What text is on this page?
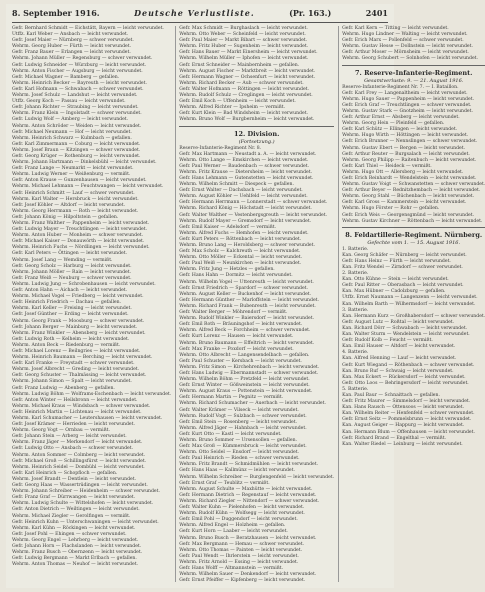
8. September 1916.	Deutsche Verlustliste.	(Pr. 163.)	2401
Gefr. Bernhard Schmidt — Eichstätt, Bayern — leicht verwundet.
Utffz. Karl Weber — Ansbach — leicht verwundet.
Gefr. Josef Maier — Nürnberg — schwer verwundet.
Wehrm. Georg Huber — Fürth — leicht verwundet.
Gefr. Franz Bauer — Erlangen — leicht verwundet.
Wehrm. Johann Müller — Regensburg — schwer verwundet.
Gefr. Ludwig Schneider — Würzburg — leicht verwundet.
Wehrm. Anton Fischer — Augsburg — leicht verwundet.
Gefr. Michael Wagner — Bamberg — gefallen.
Wehrm. Heinrich Becker — Bayreuth — leicht verwundet.
Gefr. Karl Hofmann — Schwabach — schwer verwundet.
Wehrm. Josef Schulz — Landshut — leicht verwundet.
Utffz. Georg Koch — Passau — leicht verwundet.
Gefr. Johann Richter — Straubing — leicht verwundet.
Wehrm. Franz Klein — Ingolstadt — schwer verwundet.
Gefr. Ludwig Wolf — Amberg — leicht verwundet.
Wehrm. Anton Schröder — Weiden — leicht verwundet.
Gefr. Michael Neumann — Hof — leicht verwundet.
Wehrm. Heinrich Schwarz — Kulmbach — gefallen.
Gefr. Karl Zimmermann — Coburg — leicht verwundet.
Wehrm. Josef Braun — Kitzingen — schwer verwundet.
Gefr. Georg Krüger — Rothenburg — leicht verwundet.
Wehrm. Johann Hartmann — Dinkelsbühl — leicht verwundet.
Gefr. Franz Lange — Neumarkt — leicht verwundet.
Wehrm. Ludwig Werner — Weißenburg — vermißt.
Gefr. Anton Krause — Gunzenhausen — leicht verwundet.
Wehrm. Michael Lehmann — Feuchtwangen — leicht verwundet.
Gefr. Heinrich Schmitt — Lauf — schwer verwundet.
Wehrm. Karl Walter — Hersbruck — leicht verwundet.
Gefr. Josef Köhler — Altdorf — leicht verwundet.
Wehrm. Georg Herrmann — Roth — leicht verwundet.
Gefr. Johann König — Hilpoltstein — gefallen.
Wehrm. Franz Walther — Pappenheim — leicht verwundet.
Gefr. Ludwig Mayer — Treuchtlingen — leicht verwundet.
Wehrm. Anton Huber — Monheim — schwer verwundet.
Gefr. Michael Kaiser — Donauwörth — leicht verwundet.
Wehrm. Heinrich Fuchs — Nördlingen — leicht verwundet.
Gefr. Karl Peters — Öttingen — leicht verwundet.
Wehrm. Josef Lang — Wemding — vermißt.
Gefr. Georg Scholz — Harburg — leicht verwundet.
Wehrm. Johann Möller — Rain — leicht verwundet.
Gefr. Franz Weiß — Neuburg — schwer verwundet.
Wehrm. Ludwig Jung — Schrobenhausen — leicht verwundet.
Gefr. Anton Hahn — Aichach — leicht verwundet.
Wehrm. Michael Vogel — Friedberg — leicht verwundet.
Gefr. Heinrich Friedrich — Dachau — gefallen.
Wehrm. Karl Keller — Freising — leicht verwundet.
Gefr. Josef Günther — Erding — leicht verwundet.
Wehrm. Georg Frank — Moosburg — schwer verwundet.
Gefr. Johann Berger — Mainburg — leicht verwundet.
Wehrm. Franz Winkler — Abensberg — leicht verwundet.
Gefr. Ludwig Roth — Kelheim — leicht verwundet.
Wehrm. Anton Beck — Riedenburg — vermißt.
Gefr. Michael Lorenz — Beilngries — leicht verwundet.
Wehrm. Heinrich Baumann — Berching — leicht verwundet.
Gefr. Karl Franke — Freystadt — schwer verwundet.
Wehrm. Josef Albrecht — Greding — leicht verwundet.
Gefr. Georg Schuster — Thalmässing — leicht verwundet.
Wehrm. Johann Simon — Spalt — leicht verwundet.
Gefr. Franz Ludwig — Abenberg — gefallen.
Wehrm. Ludwig Böhm — Wolframs-Eschenbach — leicht verwundet.
Gefr. Anton Winter — Heilsbronn — leicht verwundet.
Wehrm. Michael Kraus — Windsbach — schwer verwundet.
Gefr. Heinrich Martin — Lichtenau — leicht verwundet.
Wehrm. Karl Schumacher — Leutershausen — leicht verwundet.
Gefr. Josef Krämer — Herrieden — leicht verwundet.
Wehrm. Georg Vogt — Ornbau — vermißt.
Gefr. Johann Stein — Arberg — leicht verwundet.
Wehrm. Franz Jäger — Merkendorf — leicht verwundet.
Gefr. Ludwig Otto — Ansbach — schwer verwundet.
Wehrm. Anton Sommer — Colmberg — leicht verwundet.
Gefr. Michael Groß — Schillingsfürst — leicht verwundet.
Wehrm. Heinrich Seidel — Dombühl — leicht verwundet.
Gefr. Karl Heinrich — Schopfloch — gefallen.
Wehrm. Josef Brandt — Dentlein — leicht verwundet.
Gefr. Georg Haas — Wassertrüdingen — leicht verwundet.
Wehrm. Johann Schreiber — Heidenheim — schwer verwundet.
Gefr. Franz Graf — Dürrwangen — leicht verwundet.
Wehrm. Ludwig Schulte — Wittelshofen — leicht verwundet.
Gefr. Anton Dietrich — Weiltingen — leicht verwundet.
Wehrm. Michael Ziegler — Gerolfingen — vermißt.
Gefr. Heinrich Kuhn — Unterschwaningen — leicht verwundet.
Wehrm. Karl Kühn — Röckingen — leicht verwundet.
Gefr. Josef Pohl — Ehingen — schwer verwundet.
Wehrm. Georg Engel — Lehrberg — leicht verwundet.
Gefr. Johann Horn — Flachslanden — leicht verwundet.
Wehrm. Franz Busch — Obernzenn — leicht verwundet.
Gefr. Ludwig Bergmann — Markt Erlbach — gefallen.
Wehrm. Anton Thomas — Neuhof — leicht verwundet.
Gefr. Max Schmidt — Burghaslach — leicht verwundet.
Wehrm. Otto Weber — Scheinfeld — leicht verwundet.
Gefr. Paul Maier — Markt Bibart — schwer verwundet.
Wehrm. Fritz Huber — Sugenheim — leicht verwundet.
Gefr. Hans Bauer — Markt Einersheim — leicht verwundet.
Wehrm. Wilhelm Müller — Iphofen — leicht verwundet.
Gefr. Ernst Schneider — Mainbernheim — gefallen.
Wehrm. August Fischer — Marktbreit — leicht verwundet.
Gefr. Hermann Wagner — Ochsenfurt — leicht verwundet.
Wehrm. Richard Becker — Aub — schwer verwundet.
Gefr. Walter Hofmann — Röttingen — leicht verwundet.
Wehrm. Rudolf Schulz — Creglingen — leicht verwundet.
Gefr. Emil Koch — Uffenheim — leicht verwundet.
Wehrm. Alfred Richter — Ipsheim — vermißt.
Gefr. Kurt Klein — Bad Windsheim — leicht verwundet.
Wehrm. Bruno Wolf — Burgbernheim — leicht verwundet.
12. Division.
(Fortsetzung.)
Reserve-Infanterie-Regiment Nr. 8.
Gefr. Max Hartmann — Neustadt a. A. — leicht verwundet.
Wehrm. Otto Lange — Emskirchen — leicht verwundet.
Gefr. Paul Werner — Baudenbach — schwer verwundet.
Wehrm. Fritz Krause — Dietersheim — leicht verwundet.
Gefr. Hans Lehmann — Gutenstetten — leicht verwundet.
Wehrm. Wilhelm Schmitt — Diespeck — gefallen.
Gefr. Ernst Walter — Dachsbach — leicht verwundet.
Wehrm. August Köhler — Uehlfeld — leicht verwundet.
Gefr. Hermann Herrmann — Lonnerstadt — schwer verwundet.
Wehrm. Richard König — Höchstadt — leicht verwundet.
Gefr. Walter Walther — Vestenbergsgreuth — leicht verwundet.
Wehrm. Rudolf Mayer — Gremsdorf — leicht verwundet.
Gefr. Emil Kaiser — Adelsdorf — vermißt.
Wehrm. Alfred Fuchs — Hemhofen — leicht verwundet.
Gefr. Kurt Peters — Röttenbach — leicht verwundet.
Wehrm. Bruno Lang — Heroldsberg — schwer verwundet.
Gefr. Max Scholz — Kalchreuth — leicht verwundet.
Wehrm. Otto Möller — Eckental — leicht verwundet.
Gefr. Paul Weiß — Neunkirchen — leicht verwundet.
Wehrm. Fritz Jung — Hetzles — gefallen.
Gefr. Hans Hahn — Dormitz — leicht verwundet.
Wehrm. Wilhelm Vogel — Uttenreuth — leicht verwundet.
Gefr. Ernst Friedrich — Spardorf — schwer verwundet.
Wehrm. August Keller — Buckenhof — leicht verwundet.
Gefr. Hermann Günther — Marloffstein — leicht verwundet.
Wehrm. Richard Frank — Bubenreuth — leicht verwundet.
Gefr. Walter Berger — Möhrendorf — vermißt.
Wehrm. Rudolf Winkler — Baiersdorf — leicht verwundet.
Gefr. Emil Roth — Bräuningshof — leicht verwundet.
Wehrm. Alfred Beck — Forchheim — schwer verwundet.
Gefr. Kurt Lorenz — Hausen — leicht verwundet.
Wehrm. Bruno Baumann — Effeltrich — leicht verwundet.
Gefr. Max Franke — Poxdorf — leicht verwundet.
Wehrm. Otto Albrecht — Langensendelbach — gefallen.
Gefr. Paul Schuster — Kersbach — leicht verwundet.
Wehrm. Fritz Simon — Kirchehrenbach — leicht verwundet.
Gefr. Hans Ludwig — Ebermannstadt — schwer verwundet.
Wehrm. Wilhelm Böhm — Pretzfeld — leicht verwundet.
Gefr. Ernst Winter — Gößweinstein — leicht verwundet.
Wehrm. August Kraus — Pottenstein — leicht verwundet.
Gefr. Hermann Martin — Pegnitz — vermißt.
Wehrm. Richard Schumacher — Auerbach — leicht verwundet.
Gefr. Walter Krämer — Vilseck — leicht verwundet.
Wehrm. Rudolf Vogt — Sulzbach — schwer verwundet.
Gefr. Emil Stein — Rosenberg — leicht verwundet.
Wehrm. Alfred Jäger — Hahnbach — leicht verwundet.
Gefr. Kurt Otto — Kastl — leicht verwundet.
Wehrm. Bruno Sommer — Ursensollen — gefallen.
Gefr. Max Groß — Kümmersbruck — leicht verwundet.
Wehrm. Otto Seidel — Ensdorf — leicht verwundet.
Gefr. Paul Heinrich — Rieden — schwer verwundet.
Wehrm. Fritz Brandt — Schmidmühlen — leicht verwundet.
Gefr. Hans Haas — Kallmünz — leicht verwundet.
Wehrm. Wilhelm Schreiber — Burglengenfeld — leicht verwundet.
Gefr. Ernst Graf — Teublitz — vermißt.
Wehrm. August Schulte — Maxhütte — leicht verwundet.
Gefr. Hermann Dietrich — Regenstauf — leicht verwundet.
Wehrm. Richard Ziegler — Nittendorf — schwer verwundet.
Gefr. Walter Kuhn — Pielenhofen — leicht verwundet.
Wehrm. Rudolf Kühn — Wolfsegg — leicht verwundet.
Gefr. Emil Pohl — Duggendorf — leicht verwundet.
Wehrm. Alfred Engel — Holzheim — gefallen.
Gefr. Kurt Horn — Laaber — leicht verwundet.
Wehrm. Bruno Busch — Beratzhausen — leicht verwundet.
Gefr. Max Bergmann — Hemau — schwer verwundet.
Wehrm. Otto Thomas — Painten — leicht verwundet.
Gefr. Paul Wendt — Ihrlerstein — leicht verwundet.
Wehrm. Fritz Arnold — Essing — leicht verwundet.
Gefr. Hans Wolff — Altmannstein — vermißt.
Wehrm. Wilhelm Sauer — Denkendorf — leicht verwundet.
Gefr. Ernst Pfeiffer — Kipfenberg — leicht verwundet.
Gefr. Karl Kern — Titting — leicht verwundet.
Wehrm. Hugo Lindner — Walting — leicht verwundet.
Gefr. Erich Marx — Pollenfeld — schwer verwundet.
Wehrm. Gustav Hesse — Dollnstein — leicht verwundet.
Gefr. Arthur Moser — Mörnsheim — leicht verwundet.
Wehrm. Georg Schubert — Solnhofen — leicht verwundet.
7. Reserve-Infanterie-Regiment.
Gesamtverluste: 9. — 21. August 1916.
Reserve-Infanterie-Regiment Nr. 7. — I. Bataillon.
Gefr. Karl Frey — Langenaltheim — leicht verwundet.
Wehrm. Hugo Sauer — Pappenheim — leicht verwundet.
Gefr. Erich Graf — Treuchtlingen — schwer verwundet.
Wehrm. Gustav Stark — Gnotzheim — leicht verwundet.
Gefr. Arthur Ernst — Absberg — leicht verwundet.
Wehrm. Georg Hein — Pleinfeld — gefallen.
Gefr. Karl Schütz — Ellingen — leicht verwundet.
Wehrm. Hugo Wirth — Höttingen — leicht verwundet.
Gefr. Erich Brunner — Nennslingen — schwer verwundet.
Wehrm. Gustav Ebert — Bergen — leicht verwundet.
Gefr. Arthur Reuter — Burgsalach — leicht verwundet.
Wehrm. Georg Philipp — Raitenbuch — leicht verwundet.
Gefr. Karl Thiel — Heideck — vermißt.
Wehrm. Hugo Ott — Allersberg — leicht verwundet.
Gefr. Erich Reinhardt — Wendelstein — leicht verwundet.
Wehrm. Gustav Voigt — Schwanstetten — schwer verwundet.
Gefr. Arthur Beyer — Rednitzhembach — leicht verwundet.
Wehrm. Georg Stahl — Büchenbach — leicht verwundet.
Gefr. Karl Gross — Kammerstein — leicht verwundet.
Wehrm. Hugo Förster — Rohr — gefallen.
Gefr. Erich Weis — Georgensgmünd — leicht verwundet.
Wehrm. Gustav Kirchner — Röttenbach — leicht verwundet.
8. Feldartillerie-Regiment. Nürnberg.
Gefechte vom 1. — 15. August 1916.
1. Batterie.
Kan. Georg Schäfer — Nürnberg — leicht verwundet.
Gefr. Hans Heinz — Fürth — leicht verwundet.
Kan. Fritz Wendel — Zirndorf — schwer verwundet.
2. Batterie.
Kan. Otto Kühne — Stein — leicht verwundet.
Gefr. Paul Ritter — Oberasbach — leicht verwundet.
Kan. Max Hübner — Cadolzburg — gefallen.
Utffz. Ernst Naumann — Langenzenn — leicht verwundet.
Kan. Wilhelm Barth — Wilhermsdorf — leicht verwundet.
3. Batterie.
Kan. Hermann Kurz — Großhabersdorf — schwer verwundet.
Gefr. August Lutz — Roßtal — leicht verwundet.
Kan. Richard Dörr — Schwabach — leicht verwundet.
Kan. Walter Sturm — Wendelstein — leicht verwundet.
Gefr. Rudolf Kolb — Feucht — vermißt.
Kan. Emil Hauser — Altdorf — leicht verwundet.
4. Batterie.
Kan. Alfred Henning — Lauf — leicht verwundet.
Gefr. Kurt Wiegand — Röthenbach — schwer verwundet.
Kan. Bruno Ruf — Schwaig — leicht verwundet.
Kan. Max Eckert — Rückersdorf — leicht verwundet.
Gefr. Otto Loos — Behringersdorf — leicht verwundet.
5. Batterie.
Kan. Paul Baur — Schnaittach — gefallen.
Gefr. Fritz Maurer — Simmelsdorf — leicht verwundet.
Kan. Hans Rausch — Ottensoos — leicht verwundet.
Kan. Wilhelm Reiter — Henfenfeld — schwer verwundet.
Gefr. Ernst Seitz — Pommelsbrunn — leicht verwundet.
Kan. August Geiger — Happurg — leicht verwundet.
Kan. Hermann Blum — Offenhausen — leicht verwundet.
Gefr. Richard Brand — Engelthal — vermißt.
Kan. Walter Riedel — Leinburg — leicht verwundet.
